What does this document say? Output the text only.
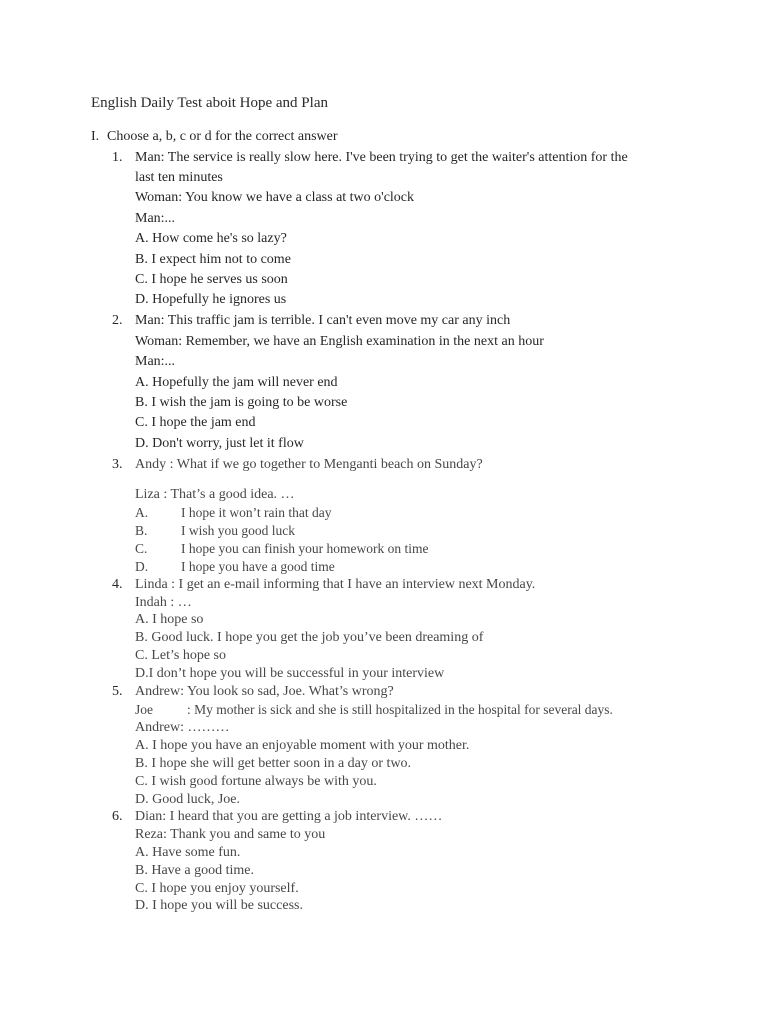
English Daily Test aboit Hope and Plan
I. Choose a, b, c or d for the correct answer
1. Man: The service is really slow here. I've been trying to get the waiter's attention for the
last ten minutes
Woman: You know we have a class at two o'clock
Man:...
A. How come he's so lazy?
B. I expect him not to come
C. I hope he serves us soon
D. Hopefully he ignores us
2. Man: This traffic jam is terrible. I can't even move my car any inch
Woman: Remember, we have an English examination in the next an hour
Man:...
A. Hopefully the jam will never end
B. I wish the jam is going to be worse
C. I hope the jam end
D. Don't worry, just let it flow
3. Andy : What if we go together to Menganti beach on Sunday?
Liza : That’s a good idea. …
A. I hope it won’t rain that day
B. I wish you good luck
C. I hope you can finish your homework on time
D. I hope you have a good time
4. Linda : I get an e-mail informing that I have an interview next Monday.
Indah : …
A. I hope so
B. Good luck. I hope you get the job you’ve been dreaming of
C. Let’s hope so
D.I don’t hope you will be successful in your interview
5. Andrew: You look so sad, Joe. What’s wrong?
Joe	: My mother is sick and she is still hospitalized in the hospital for several days.
Andrew: ………
A. I hope you have an enjoyable moment with your mother.
B. I hope she will get better soon in a day or two.
C. I wish good fortune always be with you.
D. Good luck, Joe.
6. Dian: I heard that you are getting a job interview. ……
Reza: Thank you and same to you
A. Have some fun.
B. Have a good time.
C. I hope you enjoy yourself.
D. I hope you will be success.
